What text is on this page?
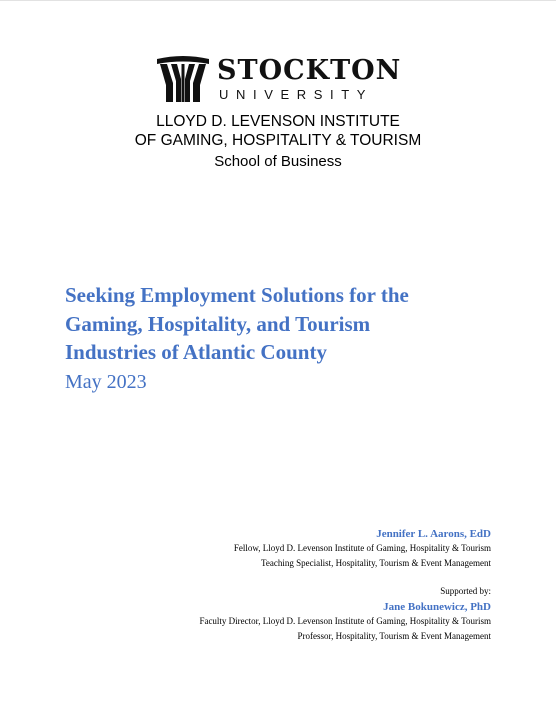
STOCKTON
UNIVERSITY
LLOYD D. LEVENSON INSTITUTE
OF GAMING, HOSPITALITY & TOURISM
School of Business
Seeking Employment Solutions for the
Gaming, Hospitality, and Tourism
Industries of Atlantic County
May 2023
Jennifer L. Aarons, EdD
Fellow, Lloyd D. Levenson Institute of Gaming, Hospitality & Tourism
Teaching Specialist, Hospitality, Tourism & Event Management
Supported by:
Jane Bokunewicz, PhD
Faculty Director, Lloyd D. Levenson Institute of Gaming, Hospitality & Tourism
Professor, Hospitality, Tourism & Event Management
